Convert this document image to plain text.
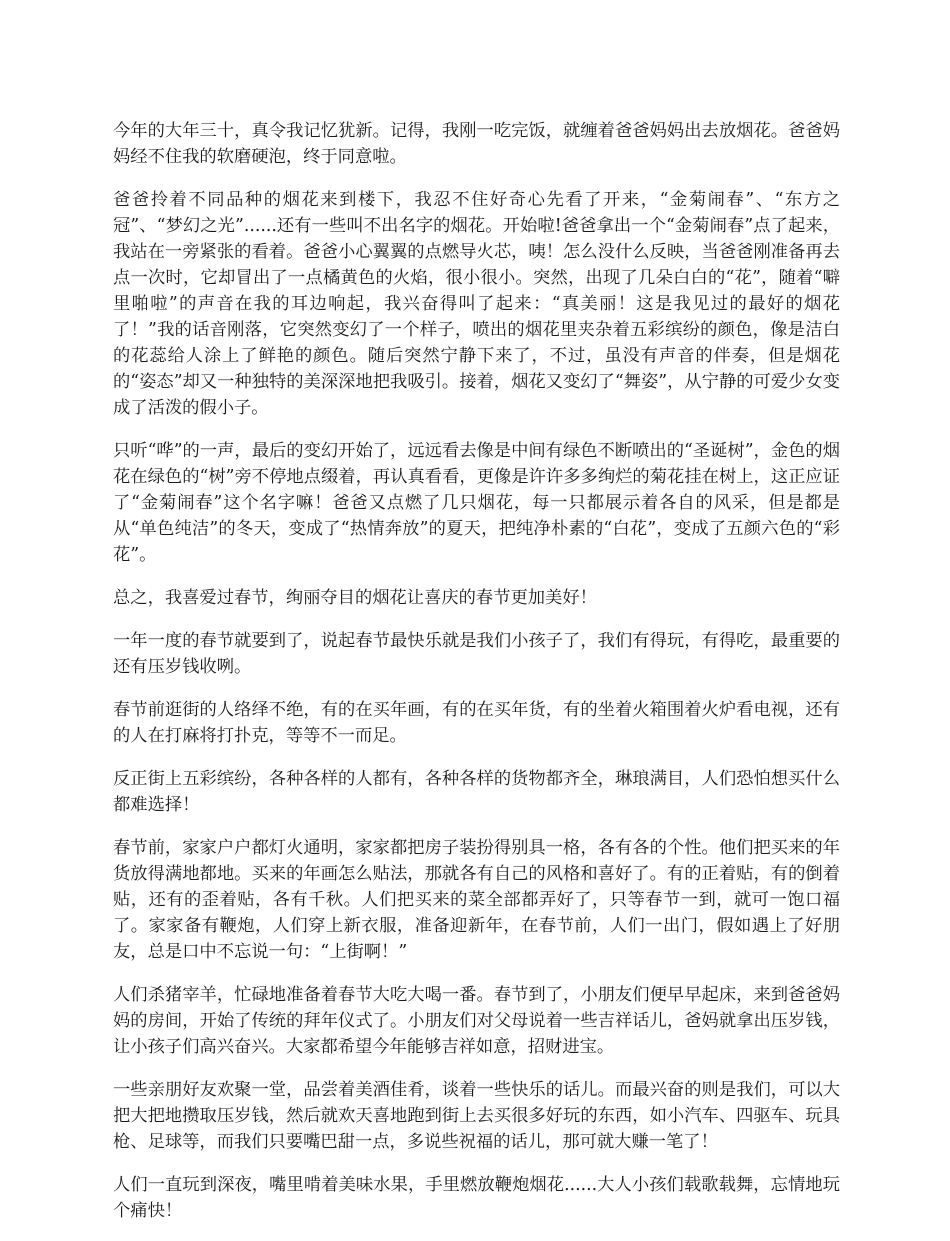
今年的大年三十，真令我记忆犹新。记得，我刚一吃完饭，就缠着爸爸妈妈出去放烟花。爸爸妈妈经不住我的软磨硬泡，终于同意啦。

爸爸拎着不同品种的烟花来到楼下，我忍不住好奇心先看了开来，“金菊闹春”、“东方之冠”、“梦幻之光”......还有一些叫不出名字的烟花。开始啦!爸爸拿出一个“金菊闹春”点了起来，我站在一旁紧张的看着。爸爸小心翼翼的点燃导火芯，咦！怎么没什么反映，当爸爸刚准备再去点一次时，它却冒出了一点橘黄色的火焰，很小很小。突然，出现了几朵白白的“花”，随着“噼里啪啦”的声音在我的耳边响起，我兴奋得叫了起来：“真美丽！这是我见过的最好的烟花了！”我的话音刚落，它突然变幻了一个样子，喷出的烟花里夹杂着五彩缤纷的颜色，像是洁白的花蕊给人涂上了鲜艳的颜色。随后突然宁静下来了，不过，虽没有声音的伴奏，但是烟花的“姿态”却又一种独特的美深深地把我吸引。接着，烟花又变幻了“舞姿”，从宁静的可爱少女变成了活泼的假小子。

只听“哗”的一声，最后的变幻开始了，远远看去像是中间有绿色不断喷出的“圣诞树”，金色的烟花在绿色的“树”旁不停地点缀着，再认真看看，更像是许许多多绚烂的菊花挂在树上，这正应证了“金菊闹春”这个名字嘛！爸爸又点燃了几只烟花，每一只都展示着各自的风采，但是都是从“单色纯洁”的冬天，变成了“热情奔放”的夏天，把纯净朴素的“白花”，变成了五颜六色的“彩花”。

总之，我喜爱过春节，绚丽夺目的烟花让喜庆的春节更加美好！

一年一度的春节就要到了，说起春节最快乐就是我们小孩子了，我们有得玩，有得吃，最重要的还有压岁钱收咧。

春节前逛街的人络绎不绝，有的在买年画，有的在买年货，有的坐着火箱围着火炉看电视，还有的人在打麻将打扑克，等等不一而足。

反正街上五彩缤纷，各种各样的人都有，各种各样的货物都齐全，琳琅满目，人们恐怕想买什么都难选择！

春节前，家家户户都灯火通明，家家都把房子装扮得别具一格，各有各的个性。他们把买来的年货放得满地都地。买来的年画怎么贴法，那就各有自己的风格和喜好了。有的正着贴，有的倒着贴，还有的歪着贴，各有千秋。人们把买来的菜全部都弄好了，只等春节一到，就可一饱口福了。家家备有鞭炮，人们穿上新衣服，准备迎新年，在春节前，人们一出门，假如遇上了好朋友，总是口中不忘说一句：“上街啊！”

人们杀猪宰羊，忙碌地准备着春节大吃大喝一番。春节到了，小朋友们便早早起床，来到爸爸妈妈的房间，开始了传统的拜年仪式了。小朋友们对父母说着一些吉祥话儿，爸妈就拿出压岁钱，让小孩子们高兴奋兴。大家都希望今年能够吉祥如意，招财进宝。

一些亲朋好友欢聚一堂，品尝着美酒佳肴，谈着一些快乐的话儿。而最兴奋的则是我们，可以大把大把地攒取压岁钱，然后就欢天喜地跑到街上去买很多好玩的东西，如小汽车、四驱车、玩具枪、足球等，而我们只要嘴巴甜一点，多说些祝福的话儿，那可就大赚一笔了！

人们一直玩到深夜，嘴里啃着美味水果，手里燃放鞭炮烟花......大人小孩们载歌载舞，忘情地玩个痛快！
